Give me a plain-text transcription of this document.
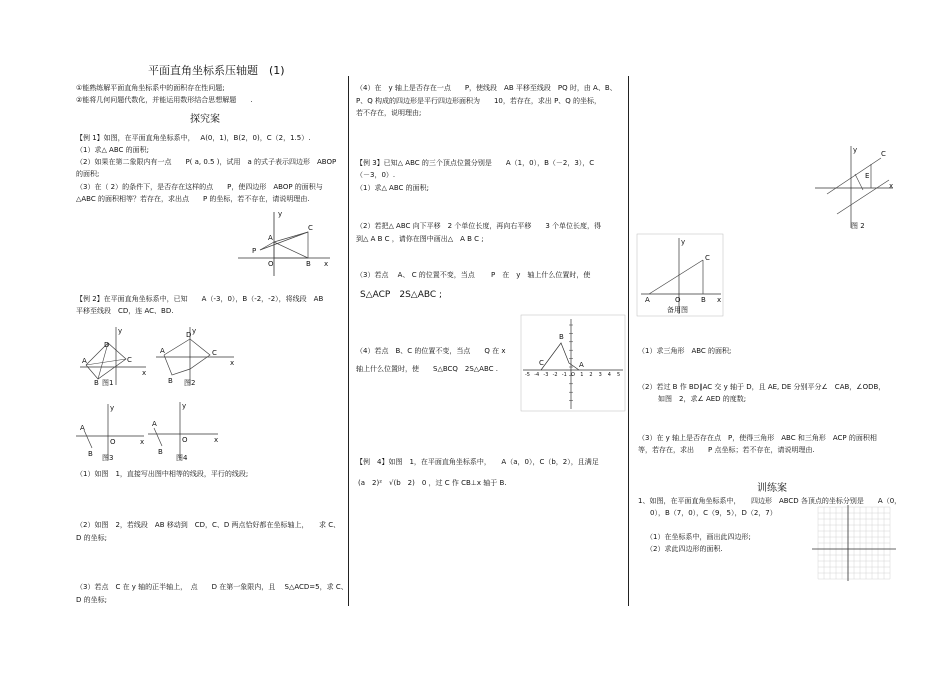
平面直角坐标系压轴题　(1)
①能熟练解平面直角坐标系中的面积存在性问题;
②能将几何问题代数化，并能运用数形结合思想解题　　.
探究案
【例 1】如图，在平面直角坐标系中，　 A(0，1)，B(2，0)，C（2，1.5）.
（1）求△ ABC 的面积;
（2）如果在第二象限内有一点　　P( a, 0.5 )，试用　a 的式子表示四边形　ABOP
的面积;
（3）在（ 2）的条件下，是否存在这样的点　　P，使四边形　ABOP 的面积与
△ABC 的面积相等？若存在，求出点　　P 的坐标，若不存在，请说明理由.
y
A
P
O
C
B x
【例 2】在平面直角坐标系中，已知　　A（-3，0），B（-2，-2），将线段　AB
平移至线段　CD，连 AC、BD.
y
D
A	C
B
x
图1
y
D
A	C
B
x
图2
y
A
B
O	x
图3
y
A
B
O	x
图4
（1）如图　1，直接写出图中相等的线段，平行的线段;
（2）如图　2，若线段　AB 移动到　CD，C、D 两点恰好都在坐标轴上，　　求 C、
D 的坐标;
（3）若点　C 在 y 轴的正半轴上，　点　　D 在第一象限内，且　 S△ACD=5，求 C、
D 的坐标;
（4）在　y 轴上是否存在一点　　P，使线段　AB 平移至线段　PQ 时，由 A、B、
P、Q 构成的四边形是平行四边形面积为　　10，若存在，求出 P、Q 的坐标，
若不存在，说明理由;
【例 3】已知△ ABC 的三个顶点位置分别是　　A（1，0），B（－2，3），C
（－3，0）.
（1）求△ ABC 的面积;
（2）若把△ ABC 向下平移　2 个单位长度，再向右平移　　3 个单位长度，得
到△ A B C ，请你在图中画出△　A B C ;
（3）若点　 A、 C 的位置不变，当点　　 P　在　y　轴上什么位置时，使
S△ACP　2S△ABC ;
（4）若点　B、C 的位置不变，当点　　Q 在 x
轴上什么位置时，使　　S△BCQ　2S△ABC .
C
B
A
-5 -4 -3 -2 -1 O 1 2 3 4 5
【例　4】如图　1，在平面直角坐标系中，　　A（a，0），C（b，2），且满足
(a　2)²　√(b　2)　0 ，过 C 作 CB⊥x 轴于 B.
y	C
E
x
图 2
y
A	O	B
C
x
备用图
（1）求三角形　ABC 的面积;
（2）若过 B 作 BD∥AC 交 y 轴于 D，且 AE, DE 分别平分∠　CAB，∠ODB，
如图　2，求∠ AED 的度数;
（3）在 y 轴上是否存在点　P，使得三角形　ABC 和三角形　ACP 的面积相
等，若存在，求出　　P 点坐标；若不存在，请说明理由.
训练案
1、如图，在平面直角坐标系中，　　四边形　ABCD 各顶点的坐标分别是　　A（0，
0），B（7，0），C（9，5），D（2，7）
（1）在坐标系中，画出此四边形;
（2）求此四边形的面积.
